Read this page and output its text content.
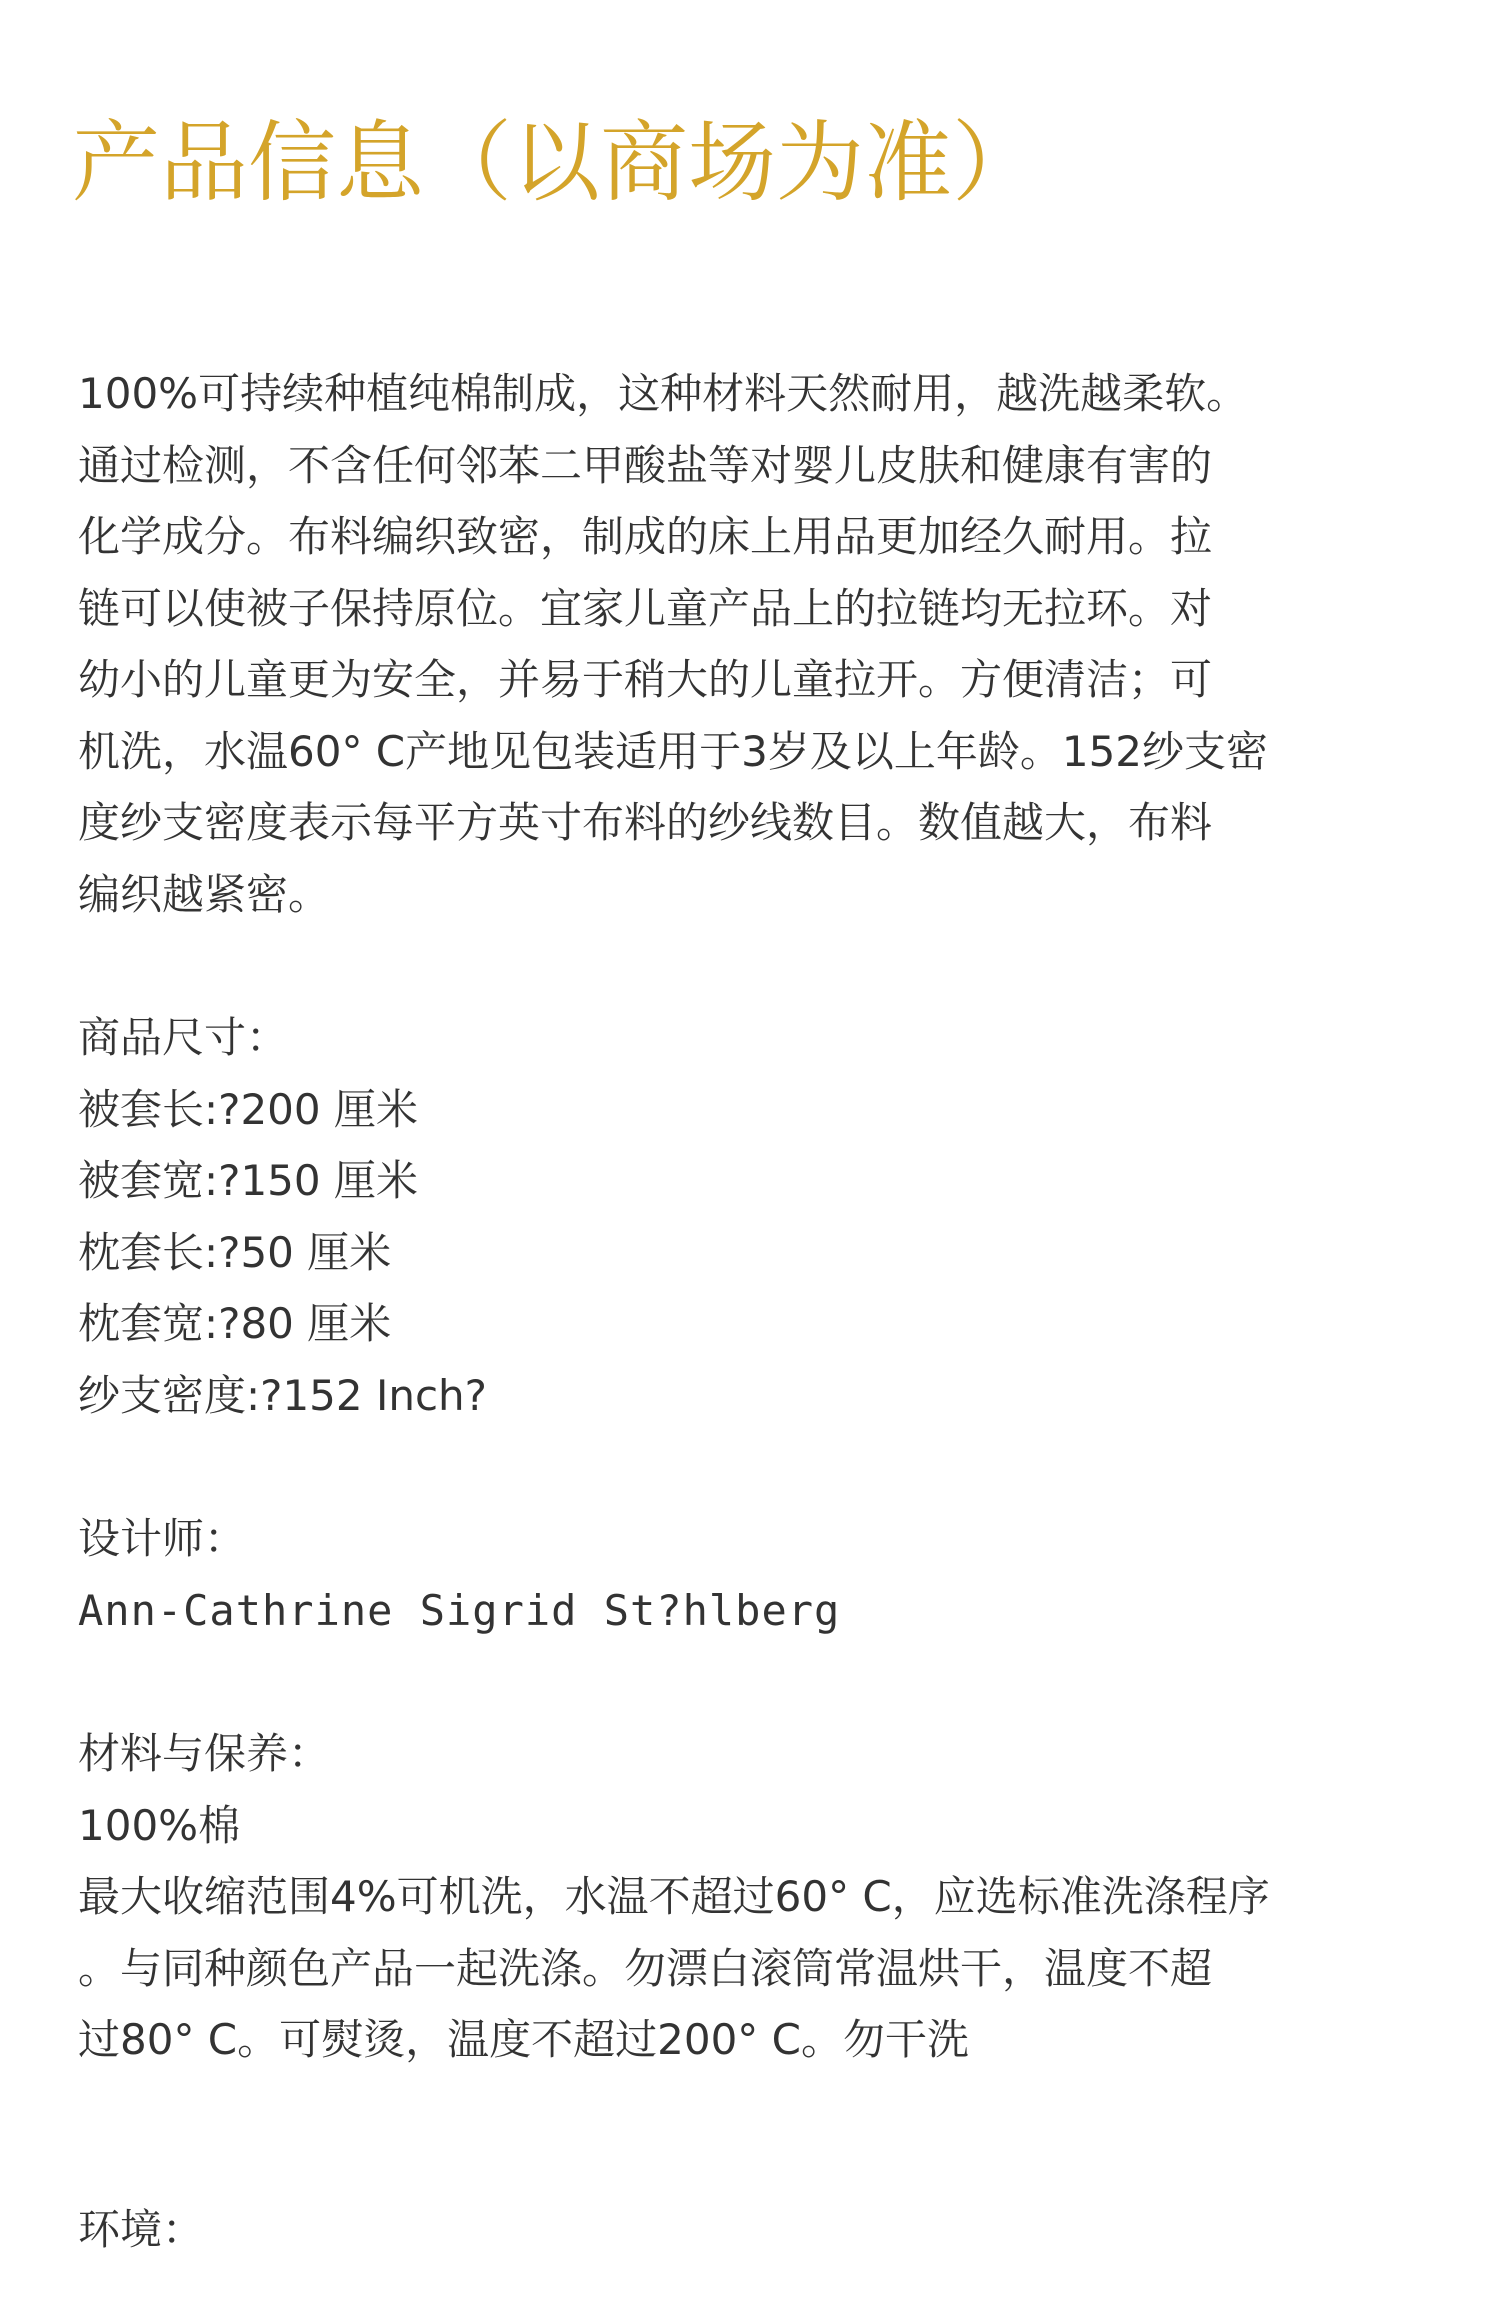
产品信息（以商场为准）
100%可持续种植纯棉制成，这种材料天然耐用，越洗越柔软。
通过检测，不含任何邻苯二甲酸盐等对婴儿皮肤和健康有害的
化学成分。布料编织致密，制成的床上用品更加经久耐用。拉
链可以使被子保持原位。宜家儿童产品上的拉链均无拉环。对
幼小的儿童更为安全，并易于稍大的儿童拉开。方便清洁；可
机洗，水温60° C产地见包装适用于3岁及以上年龄。152纱支密
度纱支密度表示每平方英寸布料的纱线数目。数值越大，布料
编织越紧密。
商品尺寸：
被套长:?200 厘米
被套宽:?150 厘米
枕套长:?50 厘米
枕套宽:?80 厘米
纱支密度:?152 Inch?
设计师：
Ann-Cathrine Sigrid St?hlberg
材料与保养：
100%棉
最大收缩范围4%可机洗，水温不超过60° C，应选标准洗涤程序
。与同种颜色产品一起洗涤。勿漂白滚筒常温烘干，温度不超
过80° C。可熨烫，温度不超过200° C。勿干洗
环境：
